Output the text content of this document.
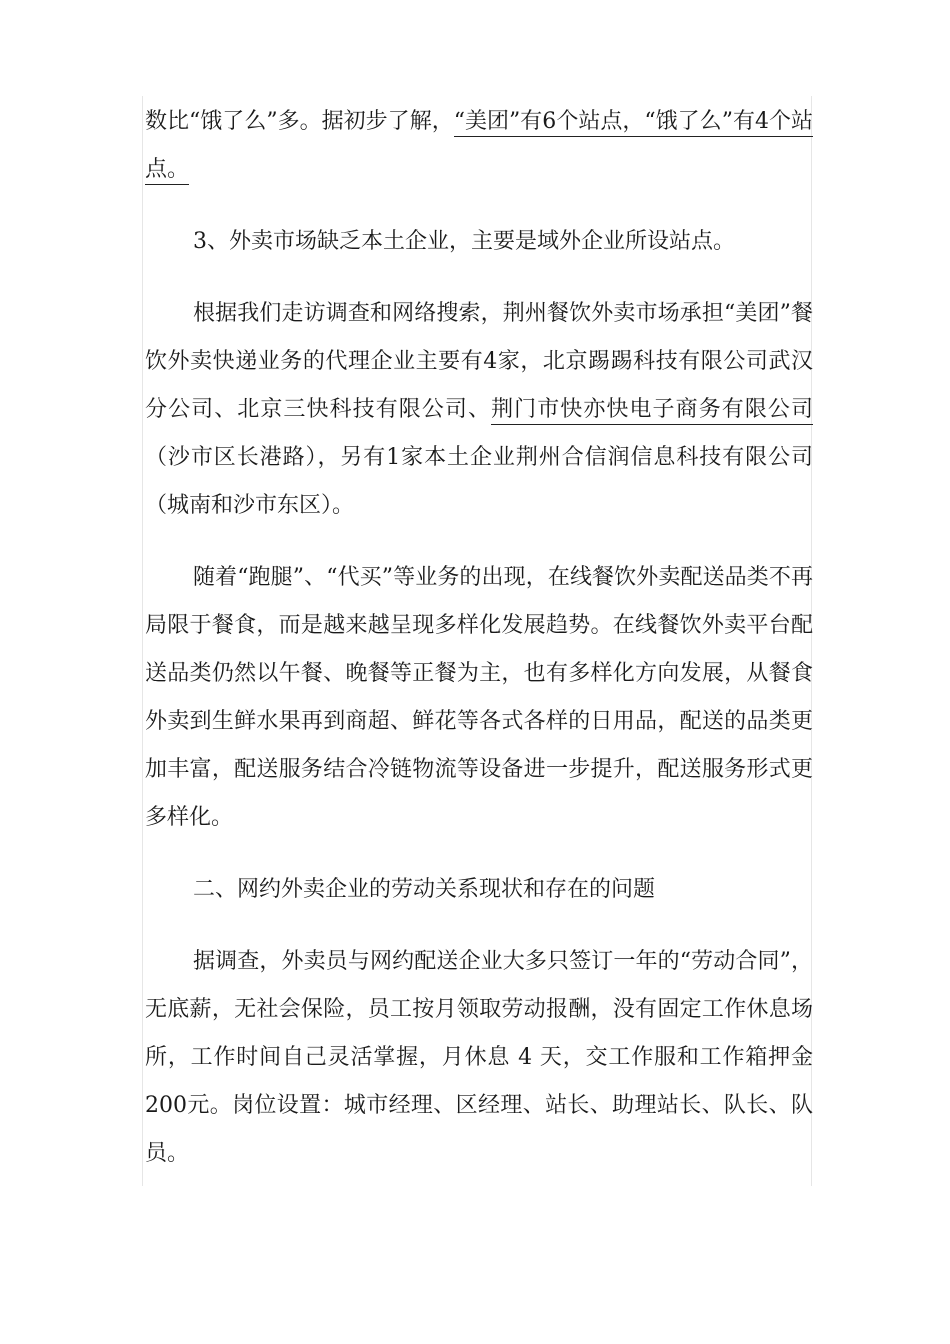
数比“饿了么”多。据初步了解，“美团”有6个站点，“饿了么”有4个站点。

3、外卖市场缺乏本土企业，主要是域外企业所设站点。

根据我们走访调查和网络搜索，荆州餐饮外卖市场承担“美团”餐饮外卖快递业务的代理企业主要有4家，北京踢踢科技有限公司武汉分公司、北京三快科技有限公司、荆门市快亦快电子商务有限公司（沙市区长港路），另有1家本土企业荆州合信润信息科技有限公司（城南和沙市东区）。

随着“跑腿”、“代买”等业务的出现，在线餐饮外卖配送品类不再局限于餐食，而是越来越呈现多样化发展趋势。在线餐饮外卖平台配送品类仍然以午餐、晚餐等正餐为主，也有多样化方向发展，从餐食外卖到生鲜水果再到商超、鲜花等各式各样的日用品，配送的品类更加丰富，配送服务结合冷链物流等设备进一步提升，配送服务形式更多样化。

二、网约外卖企业的劳动关系现状和存在的问题

据调查，外卖员与网约配送企业大多只签订一年的“劳动合同”，无底薪，无社会保险，员工按月领取劳动报酬，没有固定工作休息场所，工作时间自己灵活掌握，月休息 4 天，交工作服和工作箱押金200元。岗位设置：城市经理、区经理、站长、助理站长、队长、队员。
